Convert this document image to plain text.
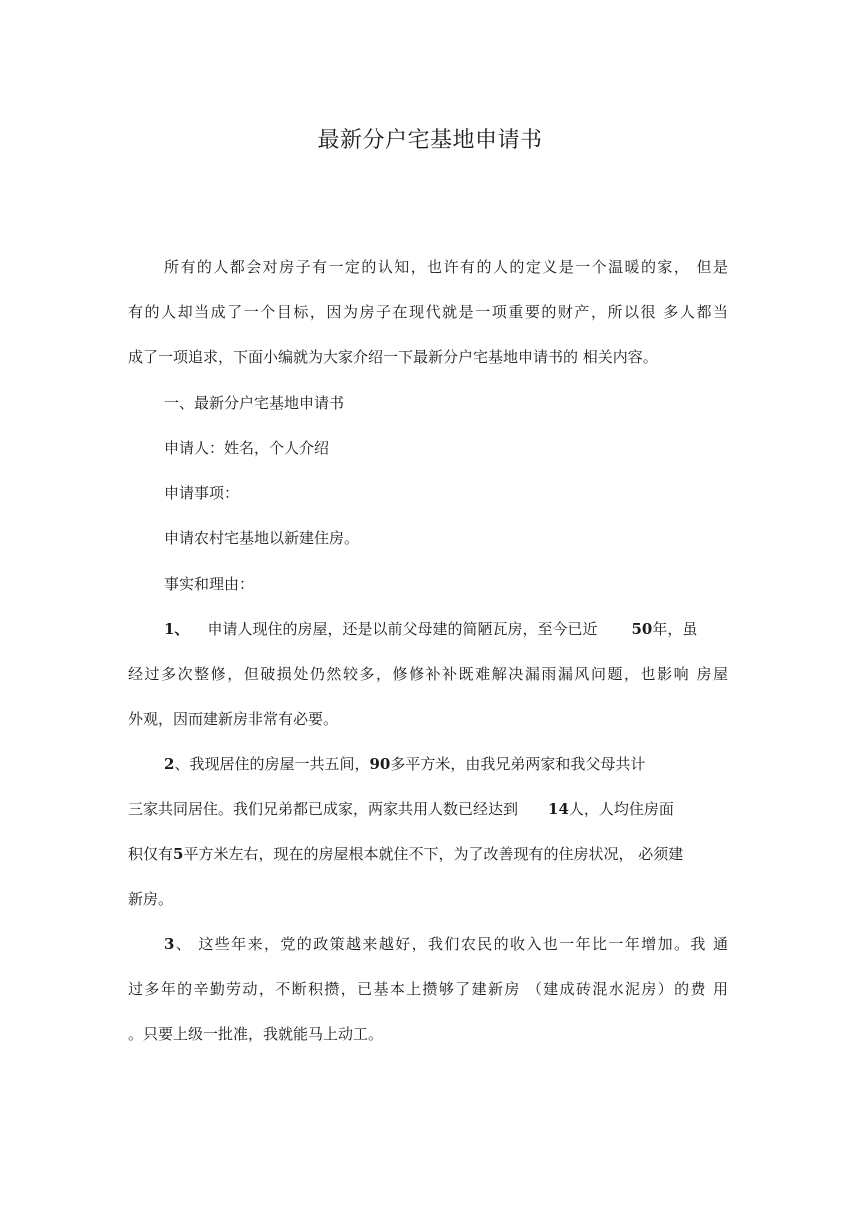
最新分户宅基地申请书
所有的人都会对房子有一定的认知，也许有的人的定义是一个温暖的家， 但是
有的人却当成了一个目标，因为房子在现代就是一项重要的财产，所以很 多人都当
成了一项追求，下面小编就为大家介绍一下最新分户宅基地申请书的 相关内容。
一、最新分户宅基地申请书
申请人：姓名，个人介绍
申请事项：
申请农村宅基地以新建住房。
事实和理由：
1、 申请人现住的房屋，还是以前父母建的简陋瓦房，至今已近 50年，虽
经过多次整修，但破损处仍然较多，修修补补既难解决漏雨漏风问题，也影响 房屋
外观，因而建新房非常有必要。
2、我现居住的房屋一共五间，90多平方米，由我兄弟两家和我父母共计
三家共同居住。我们兄弟都已成家，两家共用人数已经达到 14人，人均住房面
积仅有5平方米左右，现在的房屋根本就住不下，为了改善现有的住房状况， 必须建
新房。
3、 这些年来，党的政策越来越好，我们农民的收入也一年比一年增加。我 通
过多年的辛勤劳动，不断积攒，已基本上攒够了建新房 （建成砖混水泥房）的费 用
。只要上级一批准，我就能马上动工。
